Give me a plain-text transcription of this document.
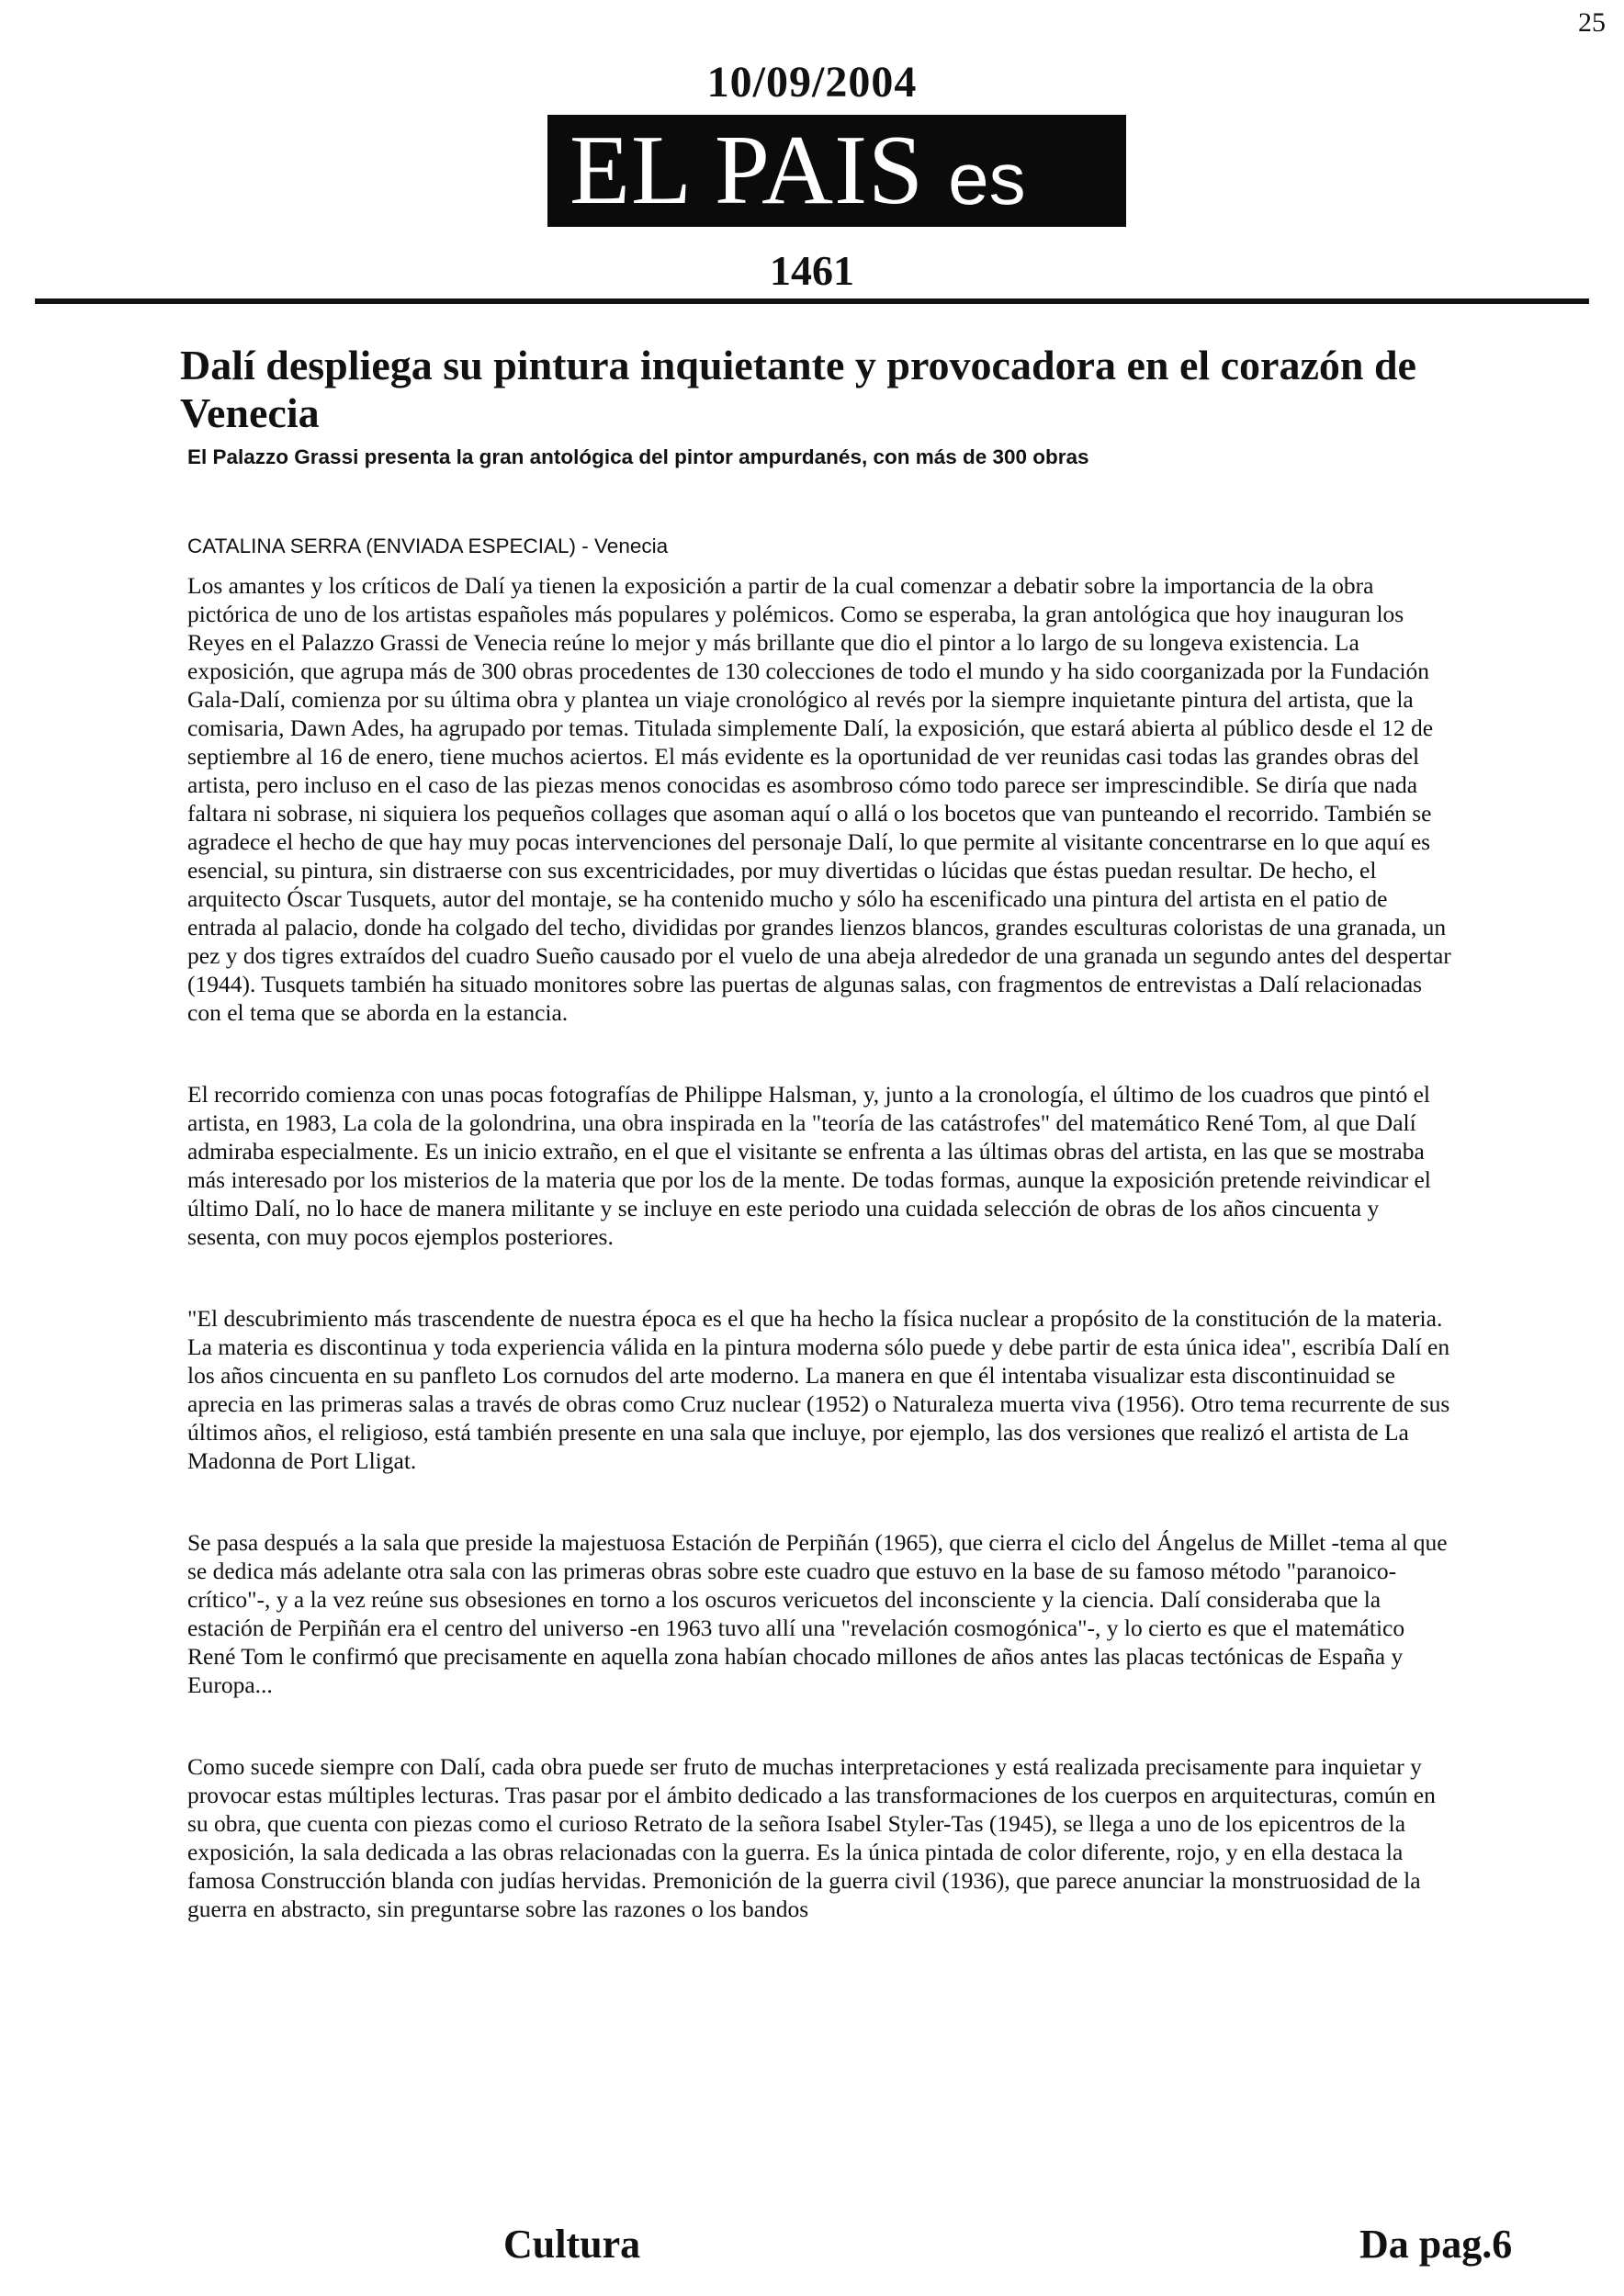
25
10/09/2004
EL PAIS es
1461
Dalí despliega su pintura inquietante y provocadora en el corazón de Venecia
El Palazzo Grassi presenta la gran antológica del pintor ampurdanés, con más de 300 obras
CATALINA SERRA (ENVIADA ESPECIAL) - Venecia

Los amantes y los críticos de Dalí ya tienen la exposición a partir de la cual comenzar a debatir sobre la importancia de la obra pictórica de uno de los artistas españoles más populares y polémicos. Como se esperaba, la gran antológica que hoy inauguran los Reyes en el Palazzo Grassi de Venecia reúne lo mejor y más brillante que dio el pintor a lo largo de su longeva existencia. La exposición, que agrupa más de 300 obras procedentes de 130 colecciones de todo el mundo y ha sido coorganizada por la Fundación Gala-Dalí, comienza por su última obra y plantea un viaje cronológico al revés por la siempre inquietante pintura del artista, que la comisaria, Dawn Ades, ha agrupado por temas. Titulada simplemente Dalí, la exposición, que estará abierta al público desde el 12 de septiembre al 16 de enero, tiene muchos aciertos. El más evidente es la oportunidad de ver reunidas casi todas las grandes obras del artista, pero incluso en el caso de las piezas menos conocidas es asombroso cómo todo parece ser imprescindible. Se diría que nada faltara ni sobrase, ni siquiera los pequeños collages que asoman aquí o allá o los bocetos que van punteando el recorrido. También se agradece el hecho de que hay muy pocas intervenciones del personaje Dalí, lo que permite al visitante concentrarse en lo que aquí es esencial, su pintura, sin distraerse con sus excentricidades, por muy divertidas o lúcidas que éstas puedan resultar. De hecho, el arquitecto Óscar Tusquets, autor del montaje, se ha contenido mucho y sólo ha escenificado una pintura del artista en el patio de entrada al palacio, donde ha colgado del techo, divididas por grandes lienzos blancos, grandes esculturas coloristas de una granada, un pez y dos tigres extraídos del cuadro Sueño causado por el vuelo de una abeja alrededor de una granada un segundo antes del despertar (1944). Tusquets también ha situado monitores sobre las puertas de algunas salas, con fragmentos de entrevistas a Dalí relacionadas con el tema que se aborda en la estancia.

El recorrido comienza con unas pocas fotografías de Philippe Halsman, y, junto a la cronología, el último de los cuadros que pintó el artista, en 1983, La cola de la golondrina, una obra inspirada en la "teoría de las catástrofes" del matemático René Tom, al que Dalí admiraba especialmente. Es un inicio extraño, en el que el visitante se enfrenta a las últimas obras del artista, en las que se mostraba más interesado por los misterios de la materia que por los de la mente. De todas formas, aunque la exposición pretende reivindicar el último Dalí, no lo hace de manera militante y se incluye en este periodo una cuidada selección de obras de los años cincuenta y sesenta, con muy pocos ejemplos posteriores.

"El descubrimiento más trascendente de nuestra época es el que ha hecho la física nuclear a propósito de la constitución de la materia. La materia es discontinua y toda experiencia válida en la pintura moderna sólo puede y debe partir de esta única idea", escribía Dalí en los años cincuenta en su panfleto Los cornudos del arte moderno. La manera en que él intentaba visualizar esta discontinuidad se aprecia en las primeras salas a través de obras como Cruz nuclear (1952) o Naturaleza muerta viva (1956). Otro tema recurrente de sus últimos años, el religioso, está también presente en una sala que incluye, por ejemplo, las dos versiones que realizó el artista de La Madonna de Port Lligat.

Se pasa después a la sala que preside la majestuosa Estación de Perpiñán (1965), que cierra el ciclo del Ángelus de Millet -tema al que se dedica más adelante otra sala con las primeras obras sobre este cuadro que estuvo en la base de su famoso método "paranoico-crítico"-, y a la vez reúne sus obsesiones en torno a los oscuros vericuetos del inconsciente y la ciencia. Dalí consideraba que la estación de Perpiñán era el centro del universo -en 1963 tuvo allí una "revelación cosmogónica"-, y lo cierto es que el matemático René Tom le confirmó que precisamente en aquella zona habían chocado millones de años antes las placas tectónicas de España y Europa...

Como sucede siempre con Dalí, cada obra puede ser fruto de muchas interpretaciones y está realizada precisamente para inquietar y provocar estas múltiples lecturas. Tras pasar por el ámbito dedicado a las transformaciones de los cuerpos en arquitecturas, común en su obra, que cuenta con piezas como el curioso Retrato de la señora Isabel Styler-Tas (1945), se llega a uno de los epicentros de la exposición, la sala dedicada a las obras relacionadas con la guerra. Es la única pintada de color diferente, rojo, y en ella destaca la famosa Construcción blanda con judías hervidas. Premonición de la guerra civil (1936), que parece anunciar la monstruosidad de la guerra en abstracto, sin preguntarse sobre las razones o los bandos

Cultura	Da pag.6
